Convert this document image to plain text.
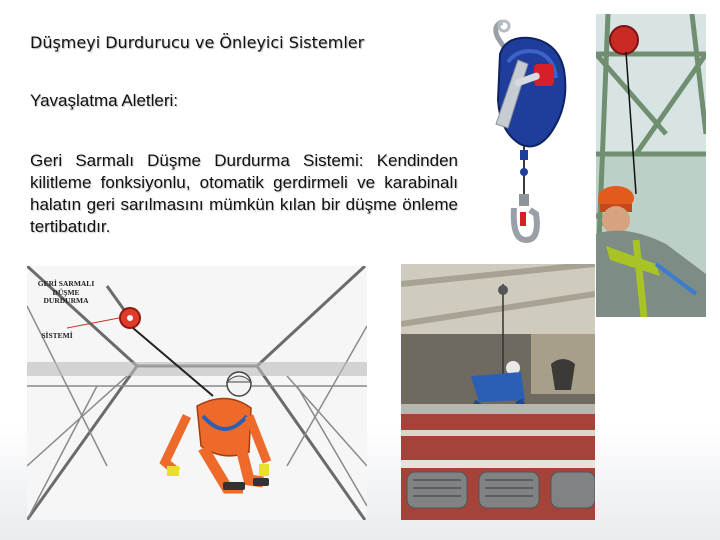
Düşmeyi Durdurucu ve Önleyici Sistemler
Yavaşlatma Aletleri:
Geri Sarmalı Düşme Durdurma Sistemi: Kendinden kilitleme fonksiyonlu, otomatik gerdirmeli ve karabinalı halatın geri sarılmasını mümkün kılan bir düşme önleme tertibatıdır.
GERİ SARMALI
DÜŞME
DURDURMA
SİSTEMİ
